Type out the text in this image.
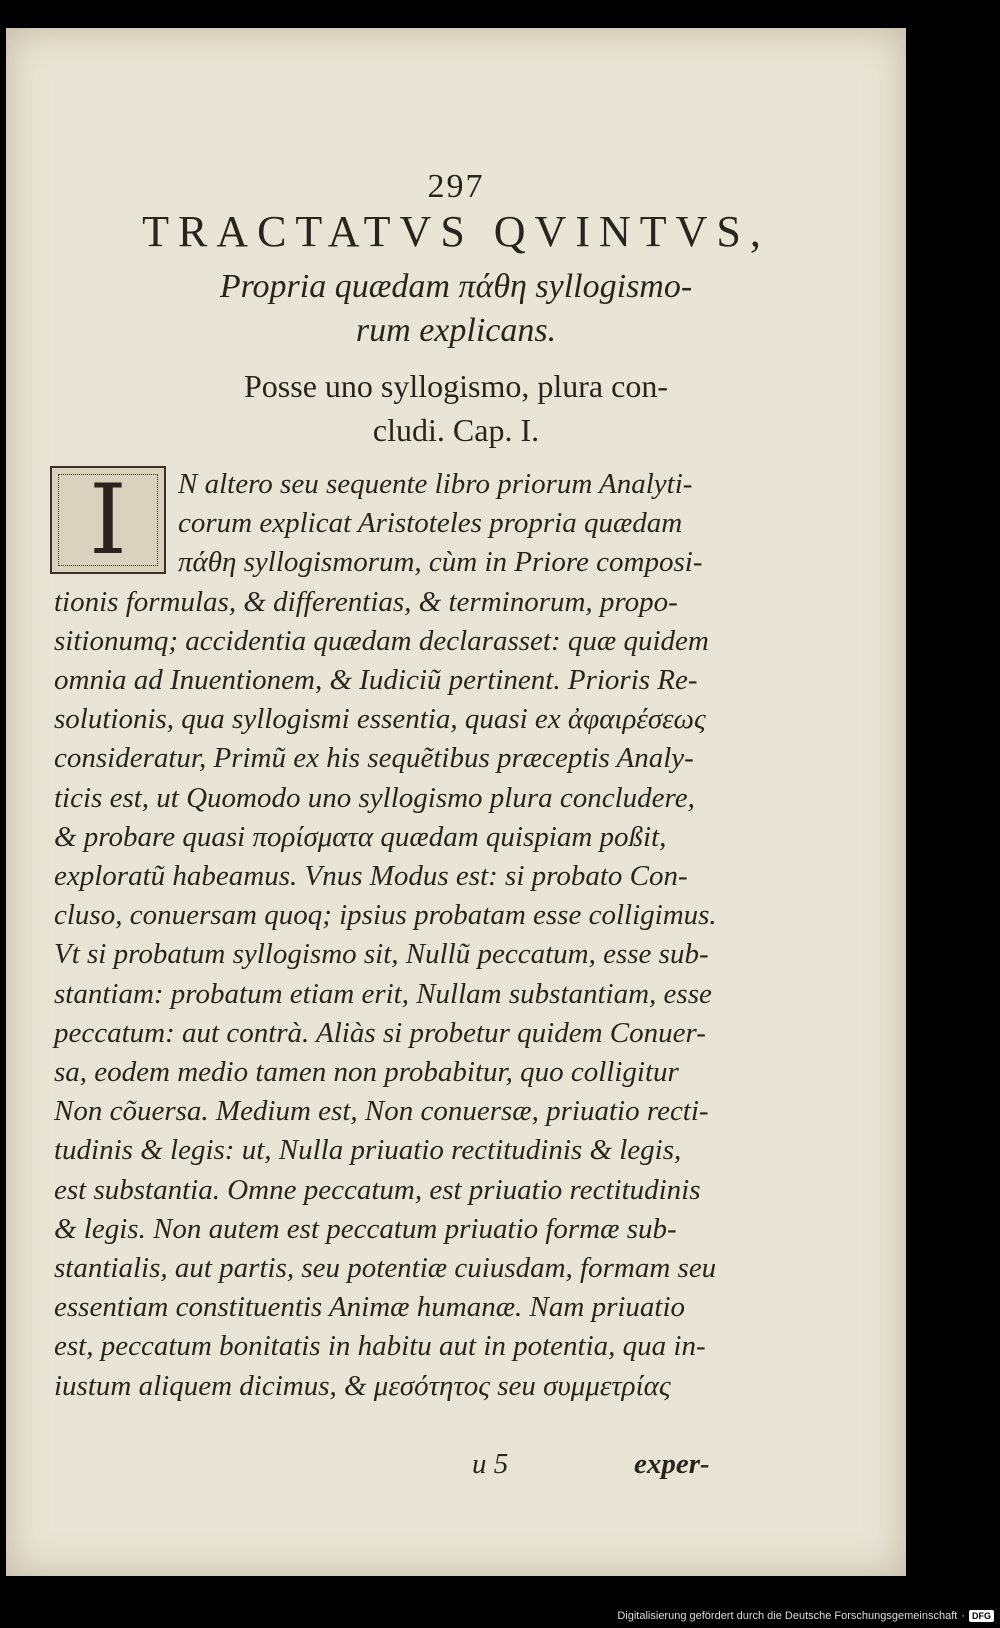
297
TRACTATVS QVINTVS,
Propria quædam πάθη syllogismo-
rum explicans.
Posse uno syllogismo, plura con-
cludi. Cap. I.
I	N altero seu sequente libro priorum Analyti-
corum explicat Aristoteles propria quædam
πάθη syllogismorum, cùm in Priore composi-
tionis formulas, & differentias, & terminorum, propo-
sitionumq; accidentia quædam declarasset: quæ quidem
omnia ad Inuentionem, & Iudiciũ pertinent. Prioris Re-
solutionis, qua syllogismi essentia, quasi ex ἀφαιρέσεως
consideratur, Primũ ex his sequẽtibus præceptis Analy-
ticis est, ut Quomodo uno syllogismo plura concludere,
& probare quasi πορίσματα quædam quispiam poßit,
exploratũ habeamus. Vnus Modus est: si probato Con-
cluso, conuersam quoq; ipsius probatam esse colligimus.
Vt si probatum syllogismo sit, Nullũ peccatum, esse sub-
stantiam: probatum etiam erit, Nullam substantiam, esse
peccatum: aut contrà. Aliàs si probetur quidem Conuer-
sa, eodem medio tamen non probabitur, quo colligitur
Non cõuersa. Medium est, Non conuersæ, priuatio recti-
tudinis & legis: ut, Nulla priuatio rectitudinis & legis,
est substantia. Omne peccatum, est priuatio rectitudinis
& legis. Non autem est peccatum priuatio formæ sub-
stantialis, aut partis, seu potentiæ cuiusdam, formam seu
essentiam constituentis Animæ humanæ. Nam priuatio
est, peccatum bonitatis in habitu aut in potentia, qua in-
iustum aliquem dicimus, & μεσότητος seu συμμετρίας
u 5	exper-
Digitalisierung gefördert durch die Deutsche Forschungsgemeinschaft · DFG
